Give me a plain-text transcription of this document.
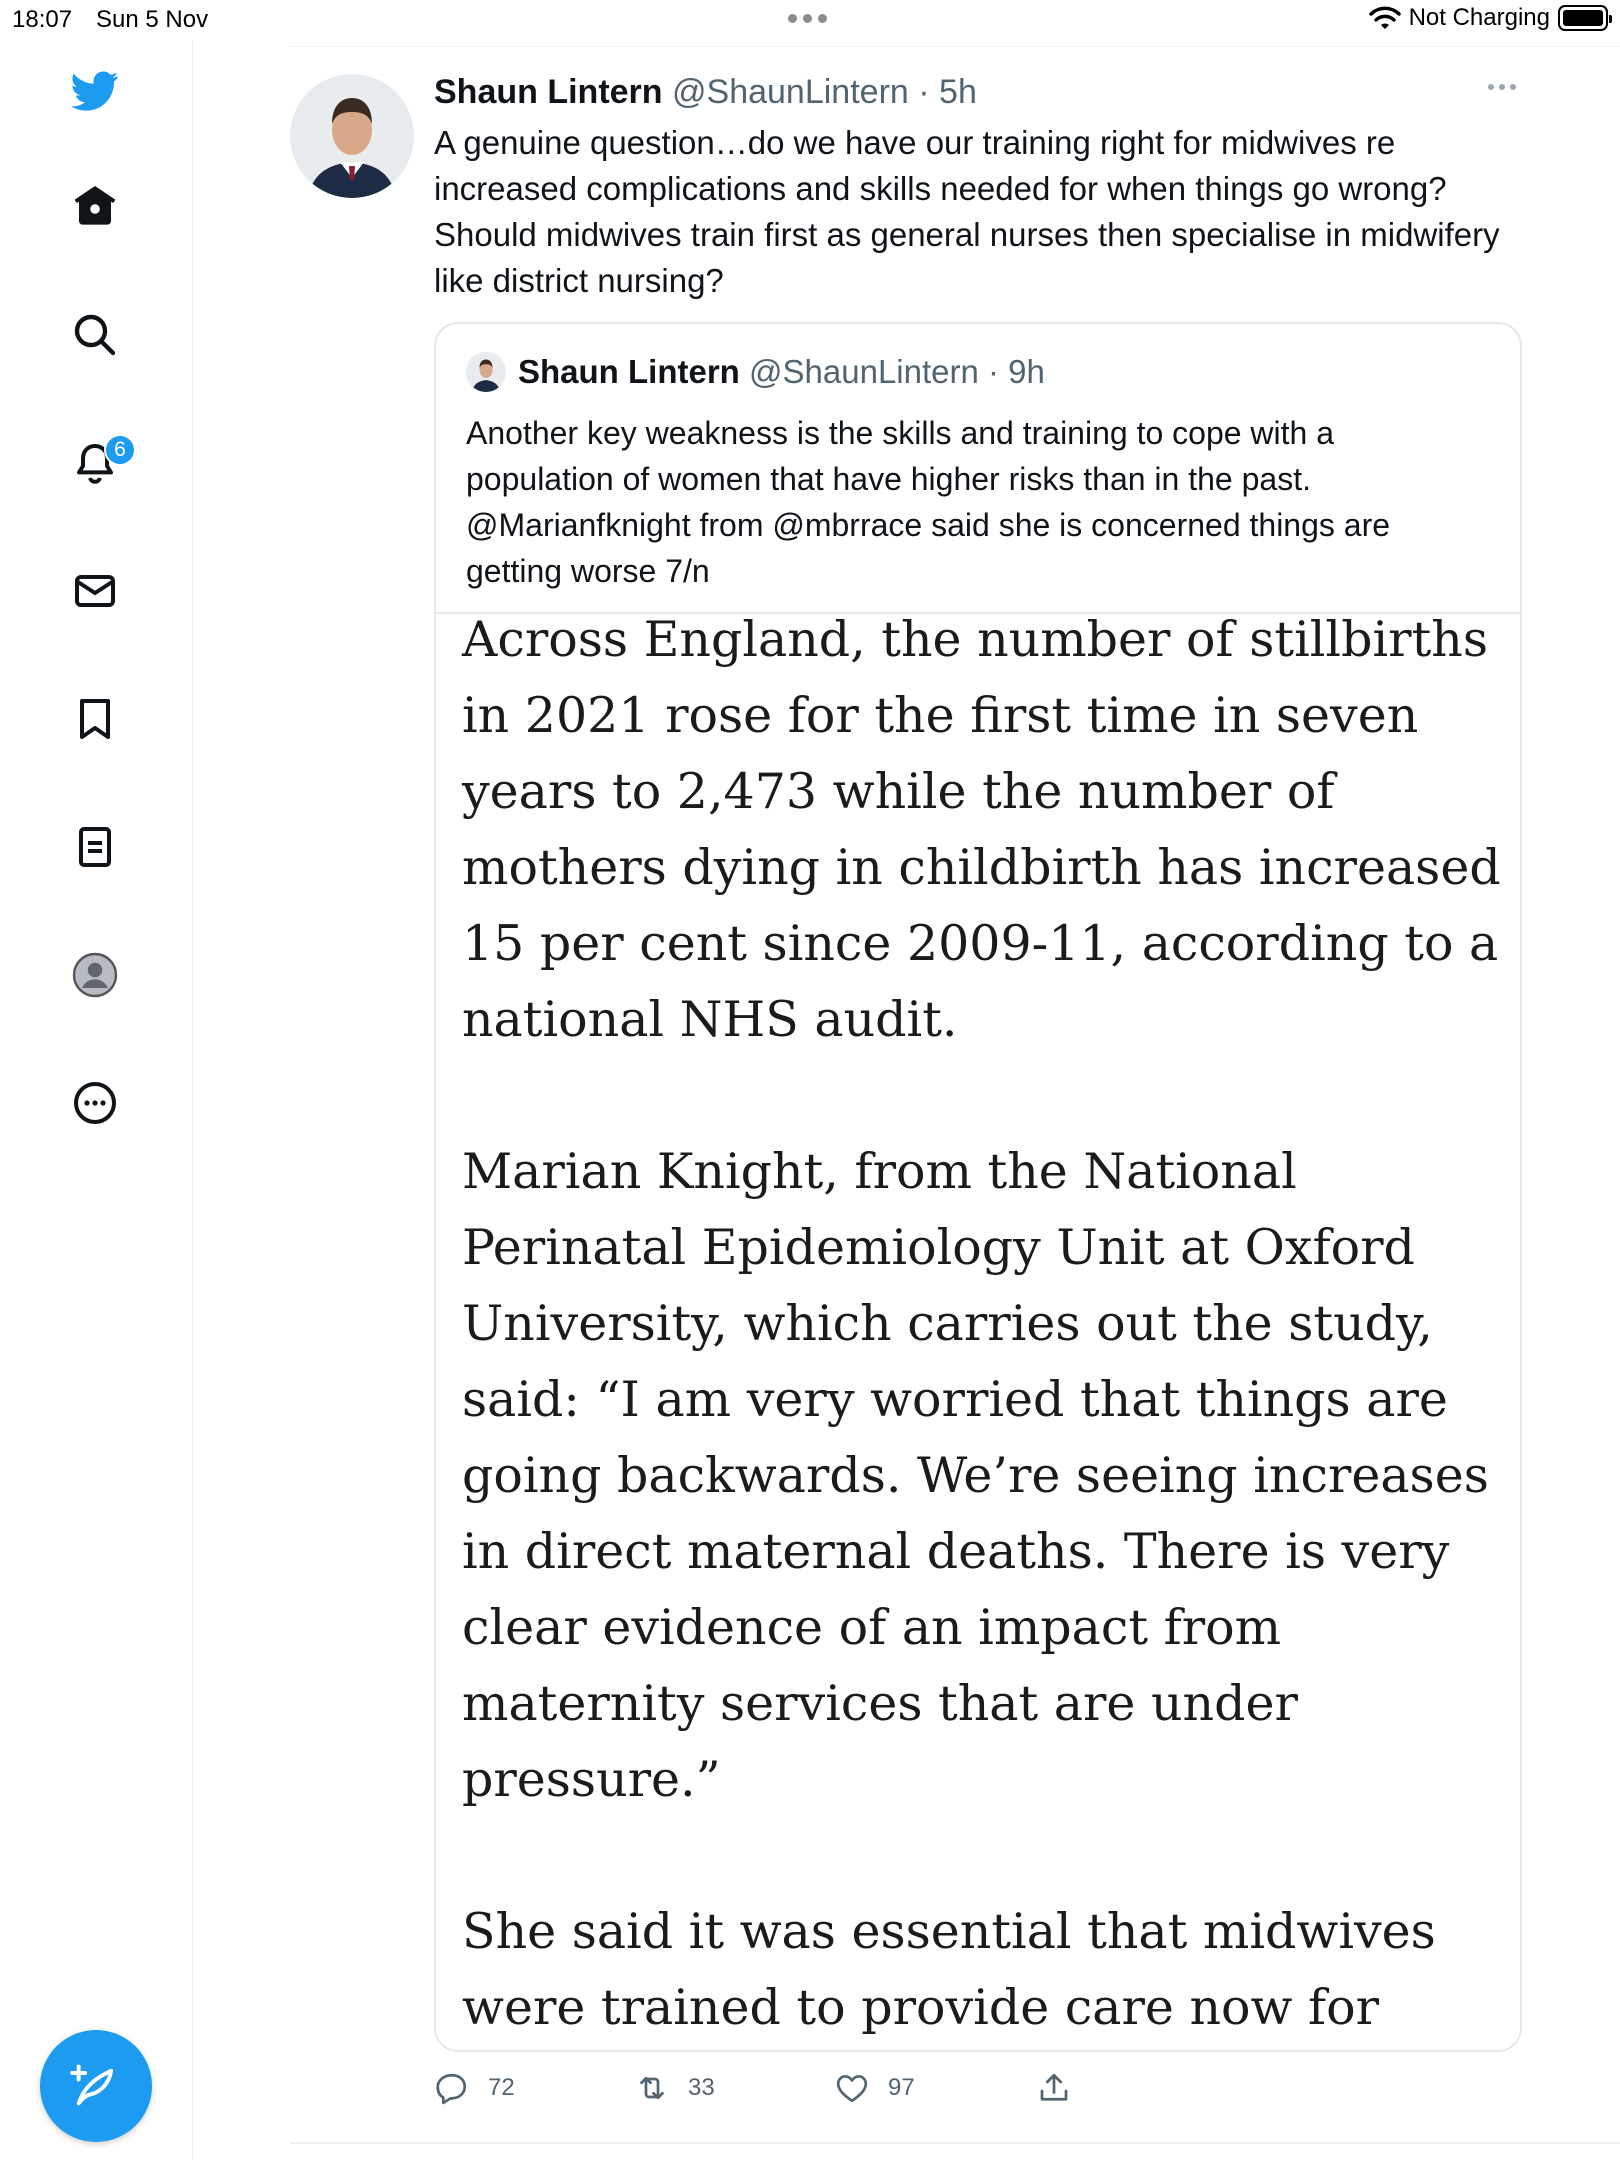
18:07 Sun 5 Nov	Not Charging
6
Shaun Lintern @ShaunLintern · 5h
A genuine question…do we have our training right for midwives re increased complications and skills needed for when things go wrong? Should midwives train first as general nurses then specialise in midwifery like district nursing?
Shaun Lintern
@ShaunLintern · 9h
Another key weakness is the skills and training to cope with a population of women that have higher risks than in the past. @Marianfknight from @mbrrace said she is concerned things are getting worse 7/n

Across England, the number of stillbirths in 2021 rose for the first time in seven years to 2,473 while the number of mothers dying in childbirth has increased 15 per cent since 2009-11, according to a national NHS audit.

Marian Knight, from the National Perinatal Epidemiology Unit at Oxford University, which carries out the study, said: “I am very worried that things are going backwards. We’re seeing increases in direct maternal deaths. There is very clear evidence of an impact from maternity services that are under pressure.”

She said it was essential that midwives were trained to provide care now for

72	33	97
